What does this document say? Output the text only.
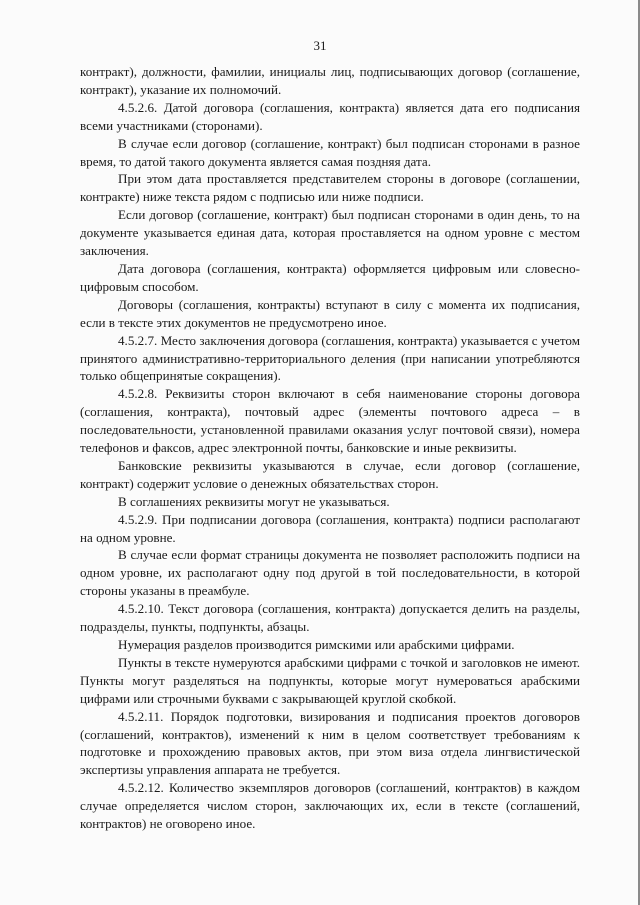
31

контракт), должности, фамилии, инициалы лиц, подписывающих договор (соглашение, контракт), указание их полномочий.

4.5.2.6. Датой договора (соглашения, контракта) является дата его подписания всеми участниками (сторонами).

В случае если договор (соглашение, контракт) был подписан сторонами в разное время, то датой такого документа является самая поздняя дата.

При этом дата проставляется представителем стороны в договоре (соглашении, контракте) ниже текста рядом с подписью или ниже подписи.

Если договор (соглашение, контракт) был подписан сторонами в один день, то на документе указывается единая дата, которая проставляется на одном уровне с местом заключения.

Дата договора (соглашения, контракта) оформляется цифровым или словесно-цифровым способом.

Договоры (соглашения, контракты) вступают в силу с момента их подписания, если в тексте этих документов не предусмотрено иное.

4.5.2.7. Место заключения договора (соглашения, контракта) указывается с учетом принятого административно-территориального деления (при написании употребляются только общепринятые сокращения).

4.5.2.8. Реквизиты сторон включают в себя наименование стороны договора (соглашения, контракта), почтовый адрес (элементы почтового адреса – в последовательности, установленной правилами оказания услуг почтовой связи), номера телефонов и факсов, адрес электронной почты, банковские и иные реквизиты.

Банковские реквизиты указываются в случае, если договор (соглашение, контракт) содержит условие о денежных обязательствах сторон.

В соглашениях реквизиты могут не указываться.

4.5.2.9. При подписании договора (соглашения, контракта) подписи располагают на одном уровне.

В случае если формат страницы документа не позволяет расположить подписи на одном уровне, их располагают одну под другой в той последовательности, в которой стороны указаны в преамбуле.

4.5.2.10. Текст договора (соглашения, контракта) допускается делить на разделы, подразделы, пункты, подпункты, абзацы.

Нумерация разделов производится римскими или арабскими цифрами.

Пункты в тексте нумеруются арабскими цифрами с точкой и заголовков не имеют. Пункты могут разделяться на подпункты, которые могут нумероваться арабскими цифрами или строчными буквами с закрывающей круглой скобкой.

4.5.2.11. Порядок подготовки, визирования и подписания проектов договоров (соглашений, контрактов), изменений к ним в целом соответствует требованиям к подготовке и прохождению правовых актов, при этом виза отдела лингвистической экспертизы управления аппарата не требуется.

4.5.2.12. Количество экземпляров договоров (соглашений, контрактов) в каждом случае определяется числом сторон, заключающих их, если в тексте (соглашений, контрактов) не оговорено иное.
